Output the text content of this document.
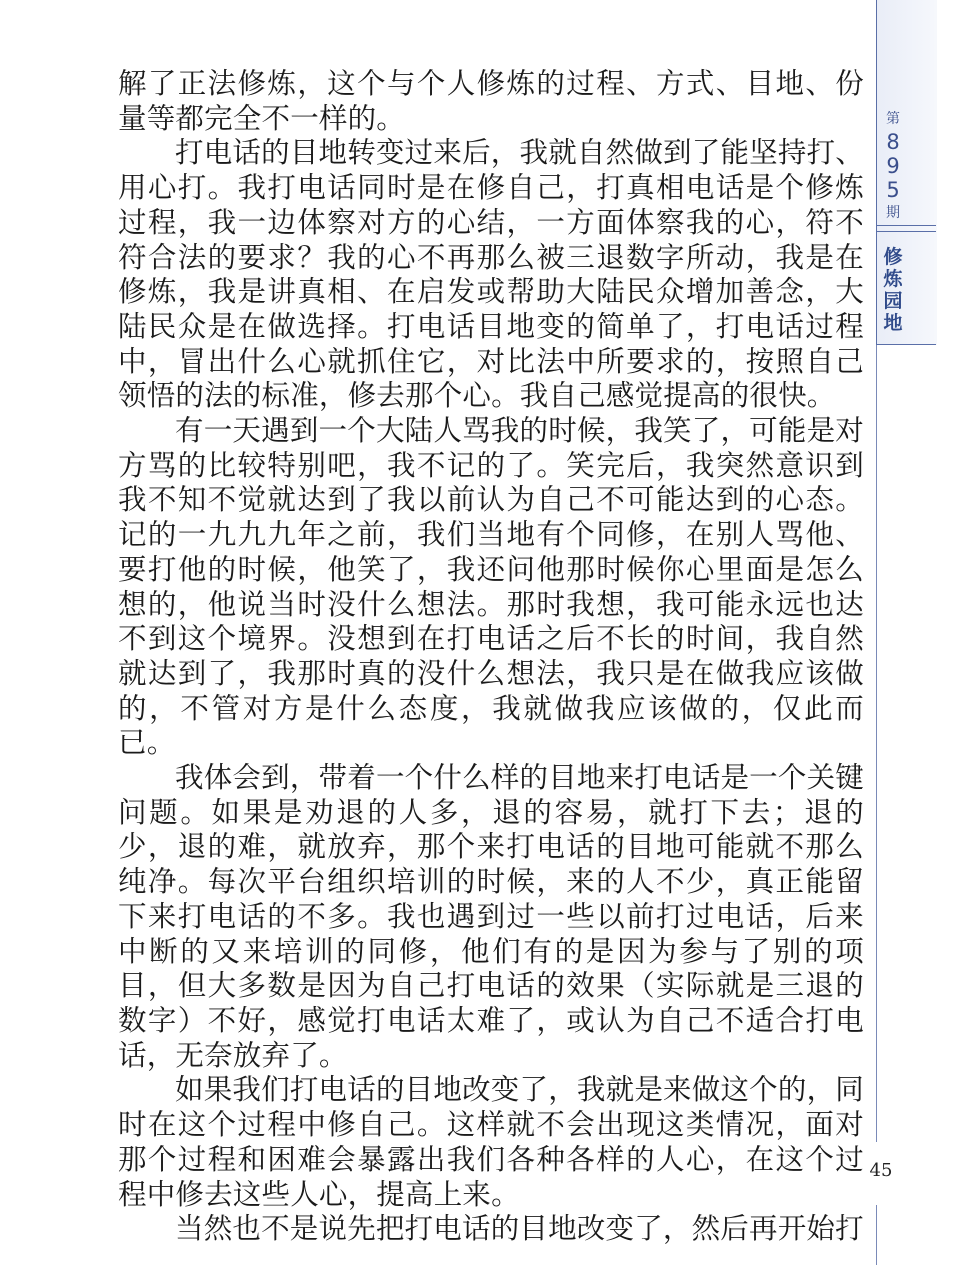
解了正法修炼，这个与个人修炼的过程、方式、目地、份量等都完全不一样的。

打电话的目地转变过来后，我就自然做到了能坚持打、用心打。我打电话同时是在修自己，打真相电话是个修炼过程，我一边体察对方的心结，一方面体察我的心，符不符合法的要求？我的心不再那么被三退数字所动，我是在修炼，我是讲真相、在启发或帮助大陆民众增加善念，大陆民众是在做选择。打电话目地变的简单了，打电话过程中，冒出什么心就抓住它，对比法中所要求的，按照自己领悟的法的标准，修去那个心。我自己感觉提高的很快。

有一天遇到一个大陆人骂我的时候，我笑了，可能是对方骂的比较特别吧，我不记的了。笑完后，我突然意识到我不知不觉就达到了我以前认为自己不可能达到的心态。记的一九九九年之前，我们当地有个同修，在别人骂他、要打他的时候，他笑了，我还问他那时候你心里面是怎么想的，他说当时没什么想法。那时我想，我可能永远也达不到这个境界。没想到在打电话之后不长的时间，我自然就达到了，我那时真的没什么想法，我只是在做我应该做的，不管对方是什么态度，我就做我应该做的，仅此而已。

我体会到，带着一个什么样的目地来打电话是一个关键问题。如果是劝退的人多，退的容易，就打下去；退的少，退的难，就放弃，那个来打电话的目地可能就不那么纯净。每次平台组织培训的时候，来的人不少，真正能留下来打电话的不多。我也遇到过一些以前打过电话，后来中断的又来培训的同修，他们有的是因为参与了别的项目，但大多数是因为自己打电话的效果（实际就是三退的数字）不好，感觉打电话太难了，或认为自己不适合打电话，无奈放弃了。

如果我们打电话的目地改变了，我就是来做这个的，同时在这个过程中修自己。这样就不会出现这类情况，面对那个过程和困难会暴露出我们各种各样的人心，在这个过程中修去这些人心，提高上来。

当然也不是说先把打电话的目地改变了，然后再开始打

第
8
9
5
期
修
炼
园
地
45
